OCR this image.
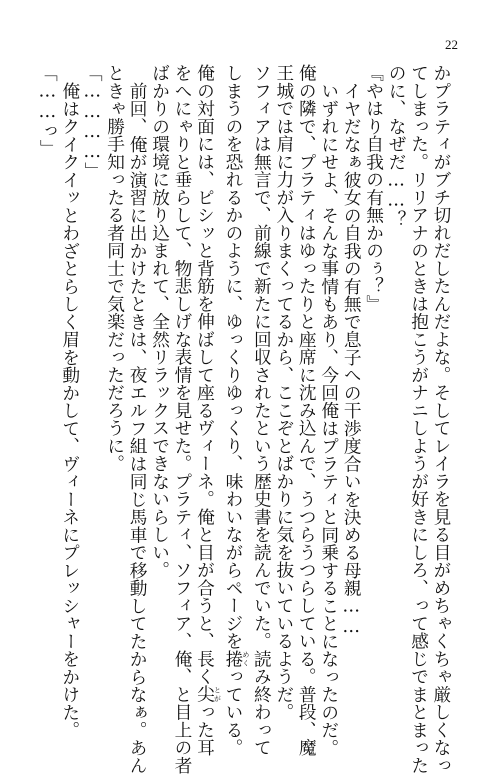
22
かプラティがブチ切れだしたんだよな。そしてレイラを見る目がめちゃくちゃ厳しくなっ
てしまった。リリアナのときは抱こうがナニしようが好きにしろ、って感じでまとまった
のに、なぜだ……？
『やはり自我の有無かのぅ？』
イヤだなぁ彼女の自我の有無で息子への干渉度合いを決める母親……
いずれにせよ、そんな事情もあり、今回俺はプラティと同乗することになったのだ。
俺の隣で、プラティはゆったりと座席に沈み込んで、うつらうつらしている。普段、魔
王城では肩に力が入りまくってるから、ここぞとばかりに気を抜いているようだ。
ソフィアは無言で、前線で新たに回収されたという歴史書を読んでいた。読み終わって
しまうのを恐れるかのように、ゆっくりゆっくり、味わいながらページを捲 めくっている。
俺の対面には、ピシッと背筋を伸ばして座るヴィーネ。俺と目が合うと、長く尖 とがった耳
をへにゃりと垂らして、物悲しげな表情を見せた。プラティ、ソフィア、俺、と目上の者
ばかりの環境に放り込まれて、全然リラックスできないらしい。
前回、俺が演習に出かけたときは、夜エルフ組は同じ馬車で移動してたからなぁ。あん
ときゃ勝手知ったる者同士で気楽だっただろうに。
「…………」
俺はクイクイッとわざとらしく眉を動かして、ヴィーネにプレッシャーをかけた。
「……っ」
